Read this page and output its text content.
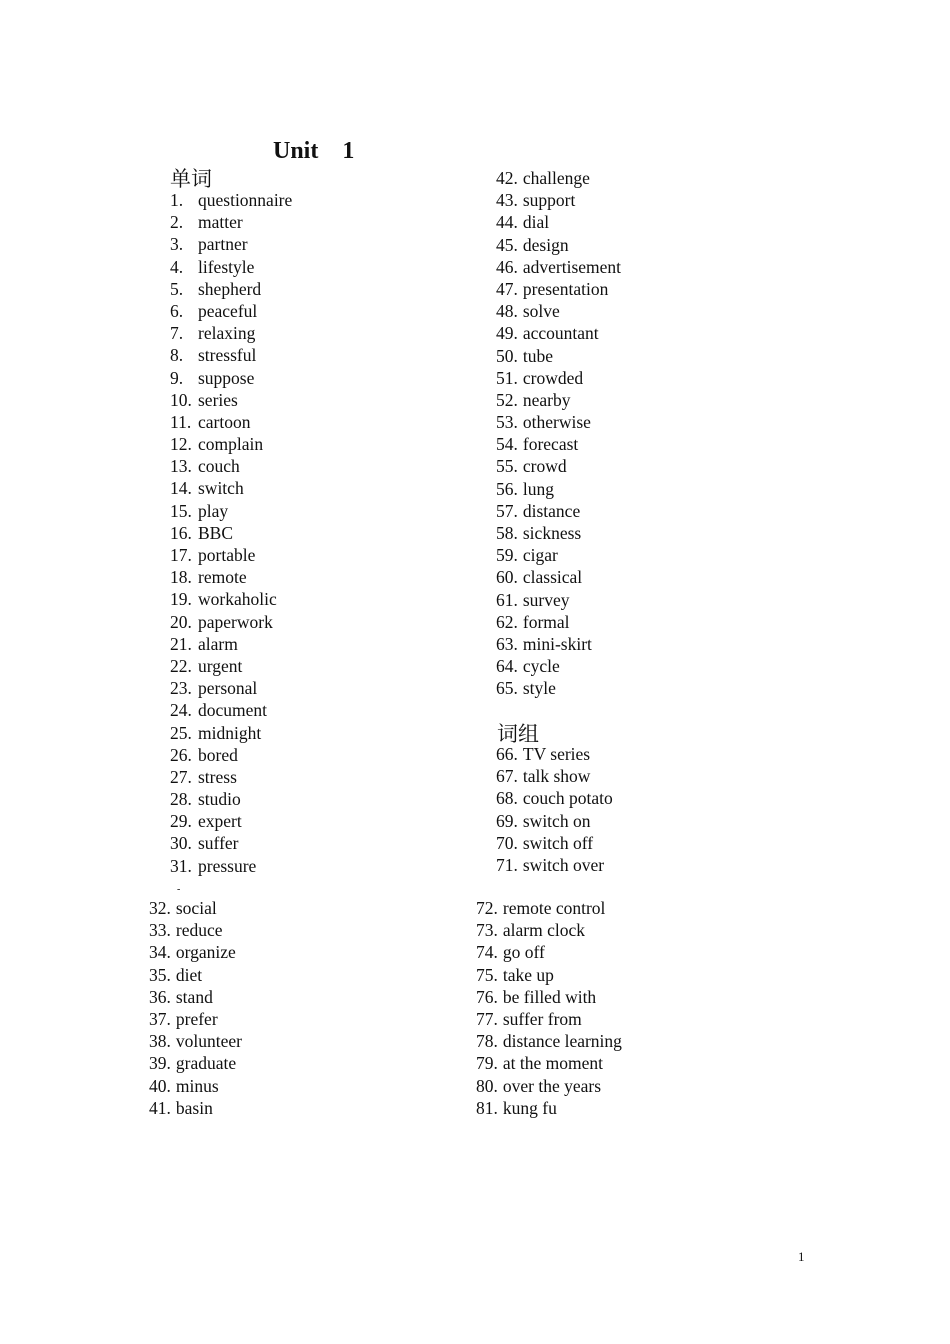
Unit    1
单词
1. questionnaire
2. matter
3. partner
4. lifestyle
5. shepherd
6. peaceful
7. relaxing
8. stressful
9. suppose
10. series
11. cartoon
12. complain
13. couch
14. switch
15. play
16. BBC
17. portable
18. remote
19. workaholic
20. paperwork
21. alarm
22. urgent
23. personal
24. document
25. midnight
26. bored
27. stress
28. studio
29. expert
30. suffer
31. pressure
42. challenge
43. support
44. dial
45. design
46. advertisement
47. presentation
48. solve
49. accountant
50. tube
51. crowded
52. nearby
53. otherwise
54. forecast
55. crowd
56. lung
57. distance
58. sickness
59. cigar
60. classical
61. survey
62. formal
63. mini-skirt
64. cycle
65. style
词组
66. TV series
67. talk show
68. couch potato
69. switch on
70. switch off
71. switch over
-
32. social
33. reduce
34. organize
35. diet
36. stand
37. prefer
38. volunteer
39. graduate
40. minus
41. basin
72. remote control
73. alarm clock
74. go off
75. take up
76. be filled with
77. suffer from
78. distance learning
79. at the moment
80. over the years
81. kung fu
1
